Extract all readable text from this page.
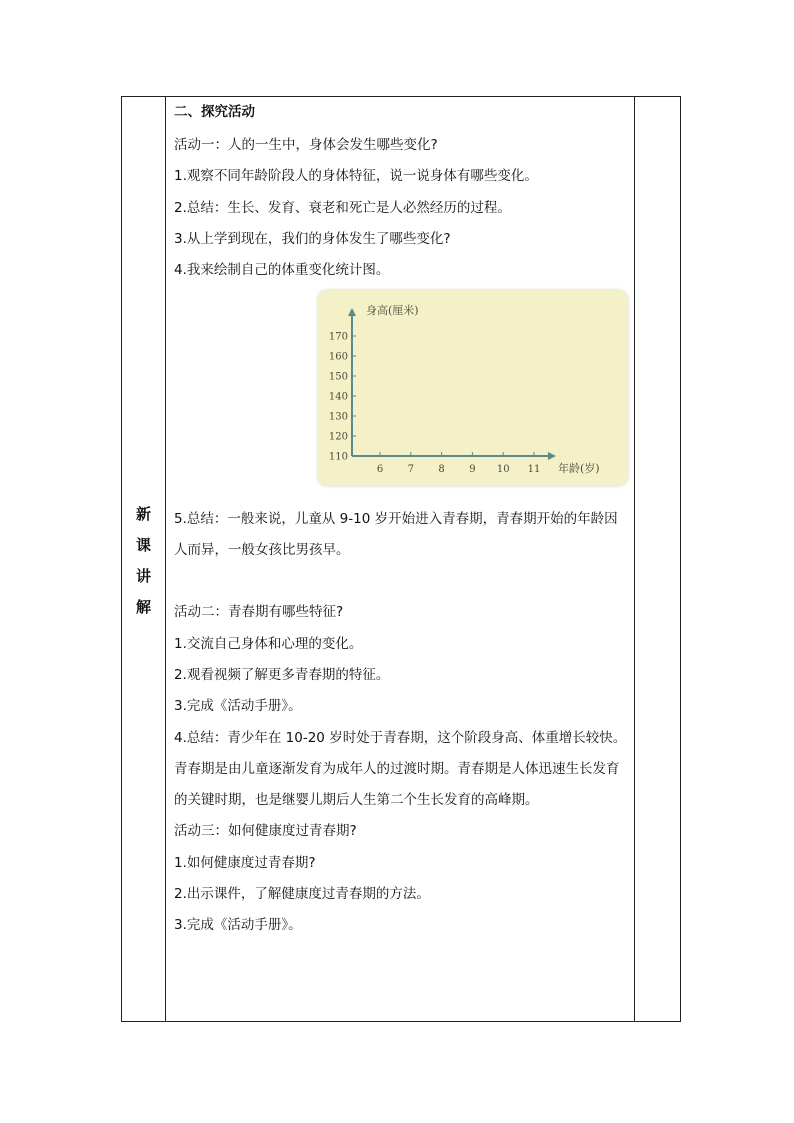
新
课
讲
解
二、探究活动
活动一：人的一生中，身体会发生哪些变化?
1.观察不同年龄阶段人的身体特征，说一说身体有哪些变化。
2.总结：生长、发育、衰老和死亡是人必然经历的过程。
3.从上学到现在，我们的身体发生了哪些变化?
4.我来绘制自己的体重变化统计图。
110
120
130
140
150
160
170
6 7 8 9 10 11
身高(厘米)
年龄(岁)
5.总结：一般来说，儿童从 9-10 岁开始进入青春期，青春期开始的年龄因
人而异，一般女孩比男孩早。
活动二：青春期有哪些特征?
1.交流自己身体和心理的变化。
2.观看视频了解更多青春期的特征。
3.完成《活动手册》。
4.总结：青少年在 10-20 岁时处于青春期，这个阶段身高、体重增长较快。
青春期是由儿童逐渐发育为成年人的过渡时期。青春期是人体迅速生长发育
的关键时期，也是继婴儿期后人生第二个生长发育的高峰期。
活动三：如何健康度过青春期?
1.如何健康度过青春期?
2.出示课件，了解健康度过青春期的方法。
3.完成《活动手册》。
